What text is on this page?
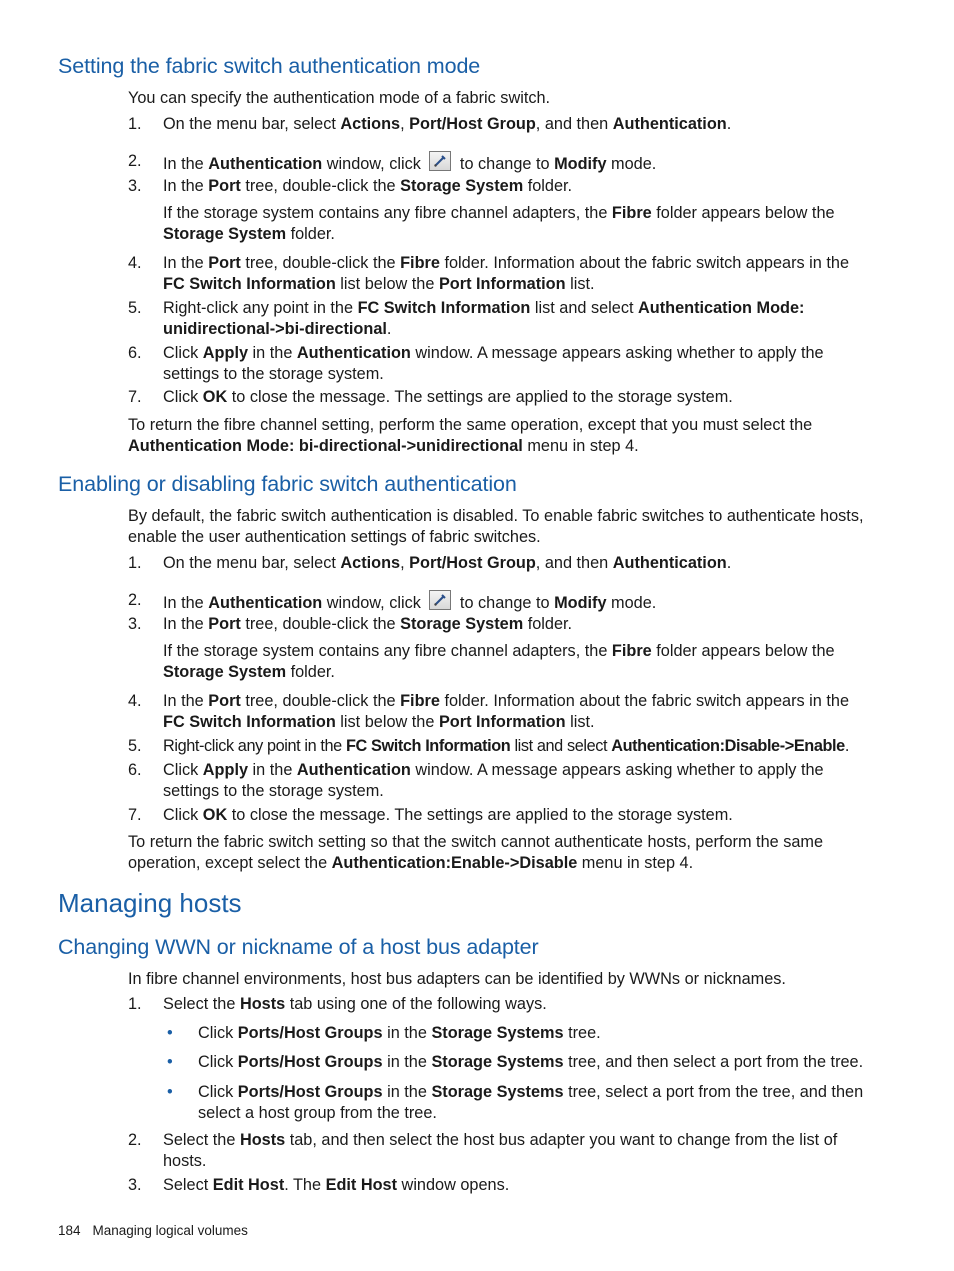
Setting the fabric switch authentication mode

You can specify the authentication mode of a fabric switch.

1. On the menu bar, select Actions, Port/Host Group, and then Authentication.
2. In the Authentication window, click
to change to Modify mode.
3. In the Port tree, double-click the Storage System folder.
If the storage system contains any fibre channel adapters, the Fibre folder appears below the Storage System folder.
4. In the Port tree, double-click the Fibre folder. Information about the fabric switch appears in the FC Switch Information list below the Port Information list.
5. Right-click any point in the FC Switch Information list and select Authentication Mode: unidirectional->bi-directional.
6. Click Apply in the Authentication window. A message appears asking whether to apply the settings to the storage system.
7. Click OK to close the message. The settings are applied to the storage system.

To return the fibre channel setting, perform the same operation, except that you must select the Authentication Mode: bi-directional->unidirectional menu in step 4.

Enabling or disabling fabric switch authentication

By default, the fabric switch authentication is disabled. To enable fabric switches to authenticate hosts, enable the user authentication settings of fabric switches.

1. On the menu bar, select Actions, Port/Host Group, and then Authentication.
2. In the Authentication window, click
to change to Modify mode.
3. In the Port tree, double-click the Storage System folder.
If the storage system contains any fibre channel adapters, the Fibre folder appears below the Storage System folder.
4. In the Port tree, double-click the Fibre folder. Information about the fabric switch appears in the FC Switch Information list below the Port Information list.
5. Right-click any point in the FC Switch Information list and select Authentication:Disable->Enable.
6. Click Apply in the Authentication window. A message appears asking whether to apply the settings to the storage system.
7. Click OK to close the message. The settings are applied to the storage system.

To return the fabric switch setting so that the switch cannot authenticate hosts, perform the same operation, except select the Authentication:Enable->Disable menu in step 4.

Managing hosts
Changing WWN or nickname of a host bus adapter

In fibre channel environments, host bus adapters can be identified by WWNs or nicknames.

1. Select the Hosts tab using one of the following ways.
• Click Ports/Host Groups in the Storage Systems tree.
• Click Ports/Host Groups in the Storage Systems tree, and then select a port from the tree.
• Click Ports/Host Groups in the Storage Systems tree, select a port from the tree, and then select a host group from the tree.
2. Select the Hosts tab, and then select the host bus adapter you want to change from the list of hosts.
3. Select Edit Host. The Edit Host window opens.
184 Managing logical volumes
